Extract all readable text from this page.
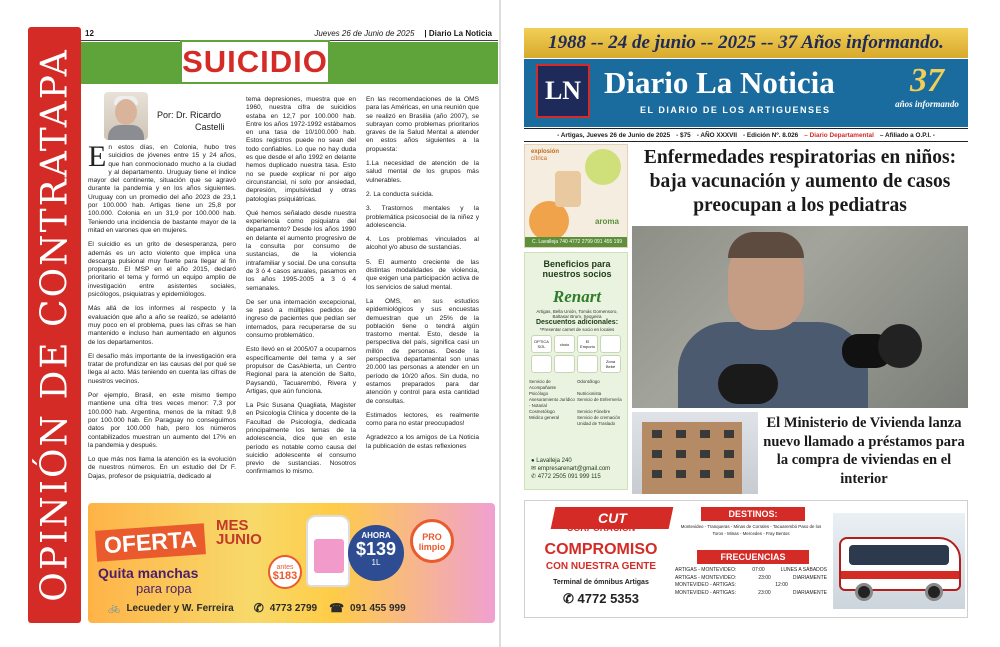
OPINIÓN DE CONTRATAPA
12	Jueves 26 de Junio de 2025 | Diario La Noticia
SUICIDIO
Por: Dr. Ricardo
Castelli

En estos días, en Colonia, hubo tres suicidios de jóvenes entre 15 y 24 años, que han conmocionado mucho a la ciudad y al departamento. Uruguay tiene el índice mayor del continente, situación que se agravó durante la pandemia y en los años siguientes. Uruguay con un promedio del año 2023 de 23,1 por 100.000 hab. Artigas tiene un 25,8 por 100.000. Colonia en un 31,9 por 100.000 hab. Teniendo una incidencia de bastante mayor de la mitad en varones que en mujeres.

El suicidio es un grito de desesperanza, pero además es un acto violento que implica una descarga pulsional muy fuerte para llegar al fin propuesto. El MSP en el año 2015, declaró prioritario el tema y formó un equipo amplio de investigación entre asistentes sociales, psicólogos, psiquiatras y epidemiólogos.

Más allá de los informes al respecto y la evaluación que año a año se realizó, se adelantó muy poco en el problema, pues las cifras se han mantenido e incluso han aumentado en algunos de los departamentos.

El desafío más importante de la investigación era tratar de profundizar en las causas del por qué se llega al acto. Más teniendo en cuenta las cifras de nuestros vecinos.

Por ejemplo, Brasil, en este mismo tiempo mantiene una cifra tres veces menor: 7,3 por 100.000 hab. Argentina, menos de la mitad: 9,8 por 100.000 hab. En Paraguay no conseguimos datos por 100.000 hab, pero los números contabilizados muestran un aumento del 17% en la pandemia y después.

Lo que más nos llama la atención es la evolución de nuestros números. En un estudio del Dr F. Dajas, profesor de psiquiatría, dedicado al

tema depresiones, muestra que en 1960, nuestra cifra de suicidios estaba en 12,7 por 100.000 hab. Entre los años 1972-1992 estábamos en una tasa de 10/100.000 hab. Estos registros puede no sean del todo confiables. Lo que no hay duda es que desde el año 1992 en delante hemos duplicado nuestra tasa. Esto no se puede explicar ni por algo circunstancial, ni solo por ansiedad, depresión, impulsividad y otras patologías psiquiátricas.

Qué hemos señalado desde nuestra experiencia como psiquiatra del departamento? Desde los años 1990 en delante el aumento progresivo de la consulta por consumo de sustancias, de la violencia intrafamiliar y social. De una consulta de 3 ó 4 casos anuales, pasamos en los años 1995-2005 a 3 ó 4 semanales.

De ser una internación excepcional, se pasó a múltiples pedidos de ingreso de pacientes que pedían ser internados, para recuperarse de su consumo problemático.

Esto llevó en el 2005/07 a ocuparnos específicamente del tema y a ser propulsor de CasAbierta, un Centro Regional para la atención de Salto, Paysandú, Tacuarembó, Rivera y Artigas, que aún funciona.

La Psic Susana Quagliata, Magister en Psicología Clínica y docente de la Facultad de Psicología, dedicada principalmente los temas de la adolescencia, dice que en este período es notable como causa del suicidio adolescente el consumo previo de sustancias. Nosotros confirmamos lo mismo.

En las recomendaciones de la OMS para las Américas, en una reunión que se realizó en Brasilia (año 2007), se subrayan como problemas prioritarios graves de la Salud Mental a atender en estos años siguientes a la propuesta:

1.La necesidad de atención de la salud mental de los grupos más vulnerables.

2. La conducta suicida.

3. Trastornos mentales y la problemática psicosocial de la niñez y adolescencia.

4. Los problemas vinculados al alcohol y/o abuso de sustancias.

5. El aumento creciente de las distintas modalidades de violencia, que exigen una participación activa de los servicios de salud mental.

La OMS, en sus estudios epidemiológicos y sus encuestas demuestran que un 25% de la población tiene o tendrá algún trastorno mental. Esto, desde la perspectiva del país, significa casi un millón de personas. Desde la perspectiva departamental son unas 20.000 las personas a atender en un período de 10/20 años. Sin duda, no estamos preparados para dar atención y control para esta cantidad de consultas.

Estimados lectores, es realmente como para no estar preocupados!

Agradezco a los amigos de La Noticia la publicación de estas reflexiones

OFERTA
MES
JUNIO
Quita manchas
para ropa
antes
$183
AHORA
$139
1L
PRO limpio
🚲 Lecueder y W. Ferreira ✆ 4773 2799 ☎ 091 455 999
1988 -- 24 de junio -- 2025 -- 37 Años informando.
LN Diario La Noticia
EL DIARIO DE LOS ARTIGUENSES
37
años informando
- Artigas, Jueves 26 de Junio de 2025 - $75 - AÑO XXXVII - Edición Nº. 8.026 – Diario Departamental – Afiliado a O.P.I. -
Enfermedades respiratorias en niños: baja vacunación y aumento de casos preocupan a los pediatras
El Ministerio de Vivienda lanza nuevo llamado a préstamos para la compra de viviendas en el interior
explosión
cítrica
aroma
C. Lavalleja 740 4772 2799 091 455 199
Beneficios para nuestros socios
Renart
Artigas, Bella Unión, Tomás Gomensoro, Baltasar Brum, Sequeira
Descuentos adicionales:
*Presentar carnet de socio en locales
OPTICA SOL	choio	El Emporio
Zona Bebé
Servicio de Acompañante
Odontólogo
Psicólogo	Nutricionista
Asesoramiento Jurídico - Notarial
Servicio de Enfermería
Cosmetólogo	Servicio Fúnebre
Médico general	Servicio de cremación
Unidad de Traslado
● Lavalleja 240
✉ empresarenart@gmail.com
✆ 4772 2505 091 999 115
CUT
CORPORACION
COMPROMISO
CON NUESTRA GENTE
Terminal de ómnibus Artigas
✆ 4772 5353
DESTINOS:
Montevideo - Tranqueras - Minas de Corrales - Tacuarembó Paso de los Toros - Minas - Mercedes - Fray Bentos
FRECUENCIAS
ARTIGAS - MONTEVIDEO:	07:00	LUNES A SÁBADOS
ARTIGAS - MONTEVIDEO:	23:00	DIARIAMENTE
MONTEVIDEO - ARTIGAS:	12:00
MONTEVIDEO - ARTIGAS:	23:00	DIARIAMENTE
